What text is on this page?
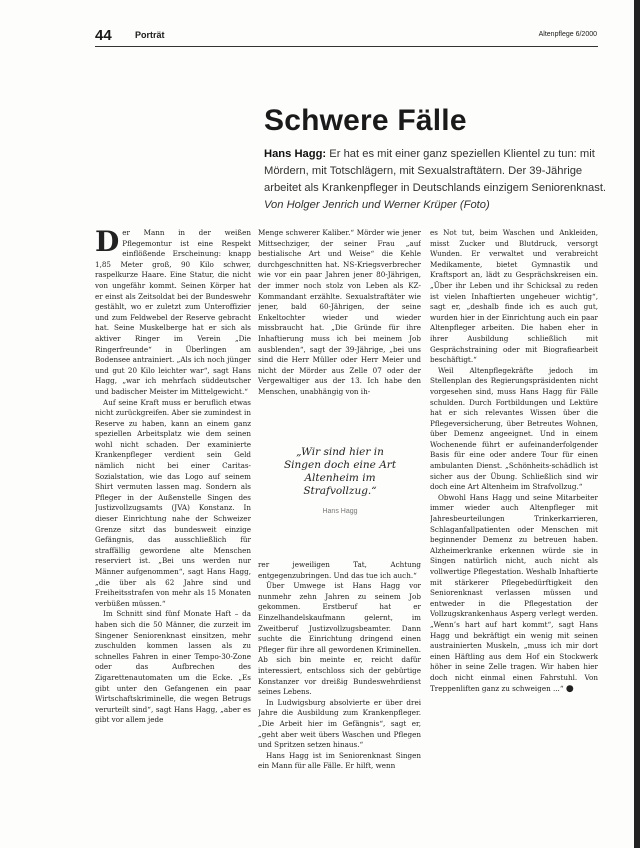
44	Porträt	Altenpflege 6/2000
Schwere Fälle

Hans Hagg: Er hat es mit einer ganz speziellen Klientel zu tun: mit Mördern, mit Totschlägern, mit Sexualstraftätern. Der 39-Jährige arbeitet als Krankenpfleger in Deutschlands einzigem Seniorenknast.
Von Holger Jenrich und Werner Krüper (Foto)

Der Mann in der weißen Pflegemontur ist eine Respekt einflößende Erscheinung: knapp 1,85 Meter groß, 90 Kilo schwer, raspelkurze Haare. Eine Statur, die nicht von ungefähr kommt. Seinen Körper hat er einst als Zeitsoldat bei der Bundeswehr gestählt, wo er zuletzt zum Unteroffizier und zum Feldwebel der Reserve gebracht hat. Seine Muskelberge hat er sich als aktiver Ringer im Verein „Die Ringerfreunde“ in Überlingen am Bodensee antrainiert. „Als ich noch jünger und gut 20 Kilo leichter war“, sagt Hans Hagg, „war ich mehrfach süddeutscher und badischer Meister im Mittelgewicht.“

Auf seine Kraft muss er beruflich etwas nicht zurückgreifen. Aber sie zumindest in Reserve zu haben, kann an einem ganz speziellen Arbeitsplatz wie dem seinen wohl nicht schaden. Der examinierte Krankenpfleger verdient sein Geld nämlich nicht bei einer Caritas-Sozialstation, wie das Logo auf seinem Shirt vermuten lassen mag. Sondern als Pfleger in der Außenstelle Singen des Justizvollzugsamts (JVA) Konstanz. In dieser Einrichtung nahe der Schweizer Grenze sitzt das bundesweit einzige Gefängnis, das ausschließlich für straffällig gewordene alte Menschen reserviert ist. „Bei uns werden nur Männer aufgenommen“, sagt Hans Hagg, „die über als 62 Jahre sind und Freiheitsstrafen von mehr als 15 Monaten verbüßen müssen.“

Im Schnitt sind fünf Monate Haft – da haben sich die 50 Männer, die zurzeit im Singener Seniorenknast einsitzen, mehr zuschulden kommen lassen als zu schnelles Fahren in einer Tempo-30-Zone oder das Aufbrechen des Zigarettenautomaten um die Ecke. „Es gibt unter den Gefangenen ein paar Wirtschaftskriminelle, die wegen Betrugs verurteilt sind“, sagt Hans Hagg, „aber es gibt vor allem jede

Menge schwerer Kaliber.“ Mörder wie jener Mittsechziger, der seiner Frau „auf bestialische Art und Weise“ die Kehle durchgeschnitten hat. NS-Kriegsverbrecher wie vor ein paar Jahren jener 80-Jährigen, der immer noch stolz von Leben als KZ-Kommandant erzählte. Sexualstraftäter wie jener, bald 60-Jährigen, der seine Enkeltochter wieder und wieder missbraucht hat. „Die Gründe für ihre Inhaftierung muss ich bei meinem Job ausblenden“, sagt der 39-Jährige, „bei uns sind die Herr Müller oder Herr Meier und nicht der Mörder aus Zelle 07 oder der Vergewaltiger aus der 13. Ich habe den Menschen, unabhängig von ih-

„Wir sind hier in Singen doch eine Art Altenheim im Strafvollzug.“
Hans Hagg

rer jeweiligen Tat, Achtung entgegenzubringen. Und das tue ich auch.“

Über Umwege ist Hans Hagg vor nunmehr zehn Jahren zu seinem Job gekommen. Erstberuf hat er Einzelhandelskaufmann gelernt, im Zweitberuf Justizvollzugsbeamter. Dann suchte die Einrichtung dringend einen Pfleger für ihre all gewordenen Kriminellen. Ab sich bin meinte er, reicht dafür interessiert, entschloss sich der gebürtige Konstanzer vor dreißig Bundeswehrdienst seines Lebens.

In Ludwigsburg absolvierte er über drei Jahre die Ausbildung zum Krankenpfleger. „Die Arbeit hier im Gefängnis“, sagt er, „geht aber weit übers Waschen und Pflegen und Spritzen setzen hinaus.“

Hans Hagg ist im Seniorenknast Singen ein Mann für alle Fälle. Er hilft, wenn

es Not tut, beim Waschen und Ankleiden, misst Zucker und Blutdruck, versorgt Wunden. Er verwaltet und verabreicht Medikamente, bietet Gymnastik und Kraftsport an, lädt zu Gesprächskreisen ein. „Über ihr Leben und ihr Schicksal zu reden ist vielen Inhaftierten ungeheuer wichtig“, sagt er, „deshalb finde ich es auch gut, wurden hier in der Einrichtung auch ein paar Altenpfleger arbeiten. Die haben eher in ihrer Ausbildung schließlich mit Gesprächstraining oder mit Biografiearbeit beschäftigt.“

Weil Altenpflegekräfte jedoch im Stellenplan des Regierungspräsidenten nicht vorgesehen sind, muss Hans Hagg für Fälle schulden. Durch Fortbildungen und Lektüre hat er sich relevantes Wissen über die Pflegeversicherung, über Betreutes Wohnen, über Demenz angeeignet. Und in einem Wochenende führt er aufeinanderfolgender Basis für eine oder andere Tour für einen ambulanten Dienst. „Schönheits-schädlich ist sicher aus der Übung. Schließlich sind wir doch eine Art Altenheim im Strafvollzug.“

Obwohl Hans Hagg und seine Mitarbeiter immer wieder auch Altenpfleger mit Jahresbeurteilungen Trinkerkarrieren, Schlaganfallpatienten oder Menschen mit beginnender Demenz zu betreuen haben. Alzheimerkranke erkennen würde sie in Singen natürlich nicht, auch nicht als vollwertige Pflegestation. Weshalb Inhaftierte mit stärkerer Pflegebedürftigkeit den Seniorenknast verlassen müssen und entweder in die Pflegestation der Vollzugskrankenhaus Asperg verlegt werden. „Wenn’s hart auf hart kommt“, sagt Hans Hagg und bekräftigt ein wenig mit seinen austrainierten Muskeln, „muss ich mir dort einen Häftling aus dem Hof ein Stockwerk höher in seine Zelle tragen. Wir haben hier doch nicht einmal einen Fahrstuhl. Von Treppenliften ganz zu schweigen ...“ ●
